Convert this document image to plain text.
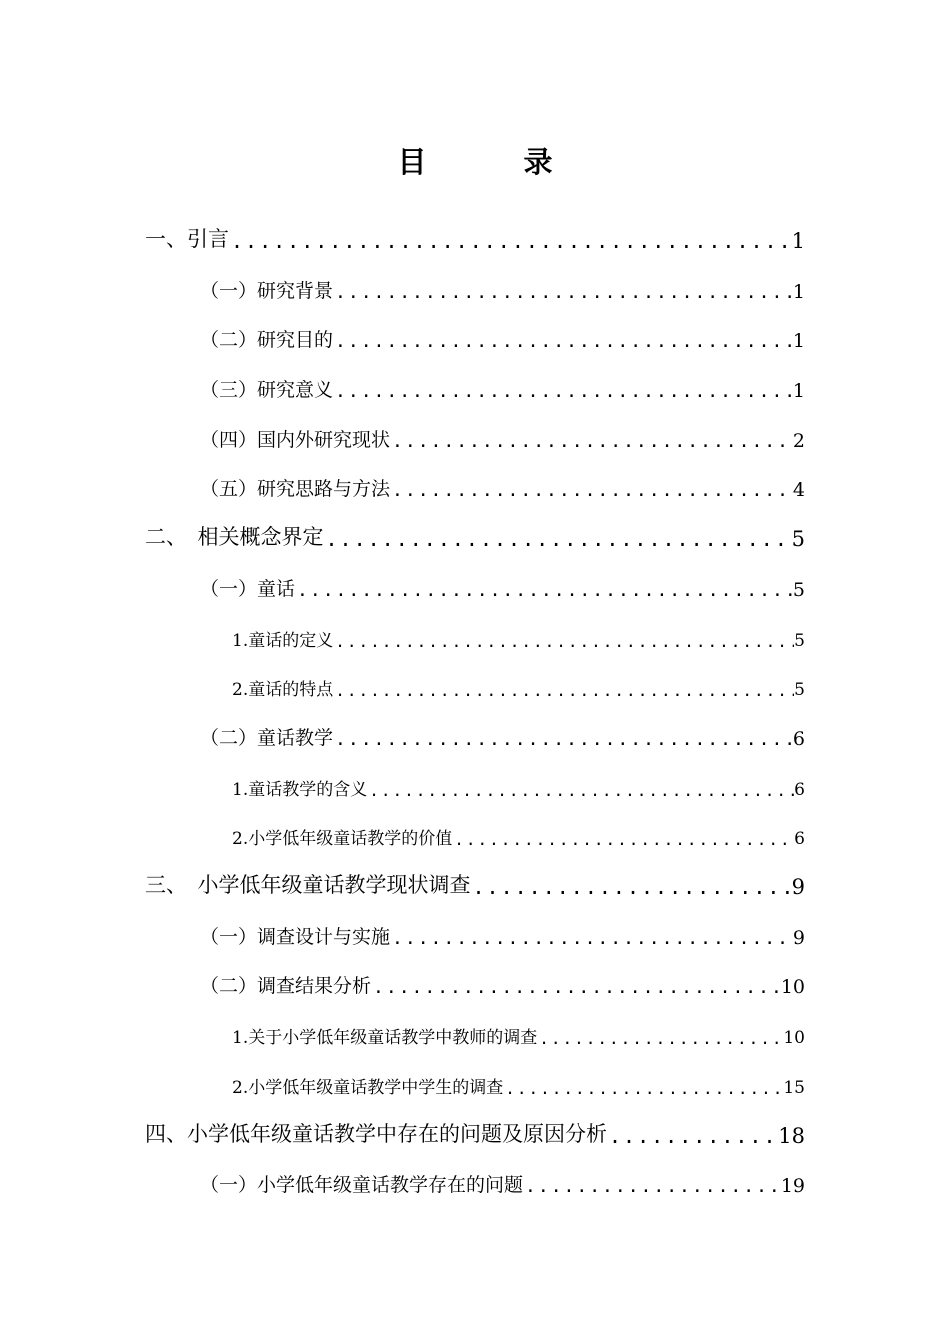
目　录
一、引言 .....	1
（一）研究背景 .....	1
（二）研究目的 .....	1
（三）研究意义 .....	1
（四）国内外研究现状 .....	2
（五）研究思路与方法 .....	4
二、　相关概念界定 .....	5
（一）童话 .....	5
1.童话的定义 .....	5
2.童话的特点 .....	5
（二）童话教学 .....	6
1.童话教学的含义 .....	6
2.小学低年级童话教学的价值 .....	6
三、　小学低年级童话教学现状调查 .....	9
（一）调查设计与实施 .....	9
（二）调查结果分析 .....	10
1.关于小学低年级童话教学中教师的调查 .....	10
2.小学低年级童话教学中学生的调查 .....	15
四、小学低年级童话教学中存在的问题及原因分析 .....	18
（一）小学低年级童话教学存在的问题 .....	19
